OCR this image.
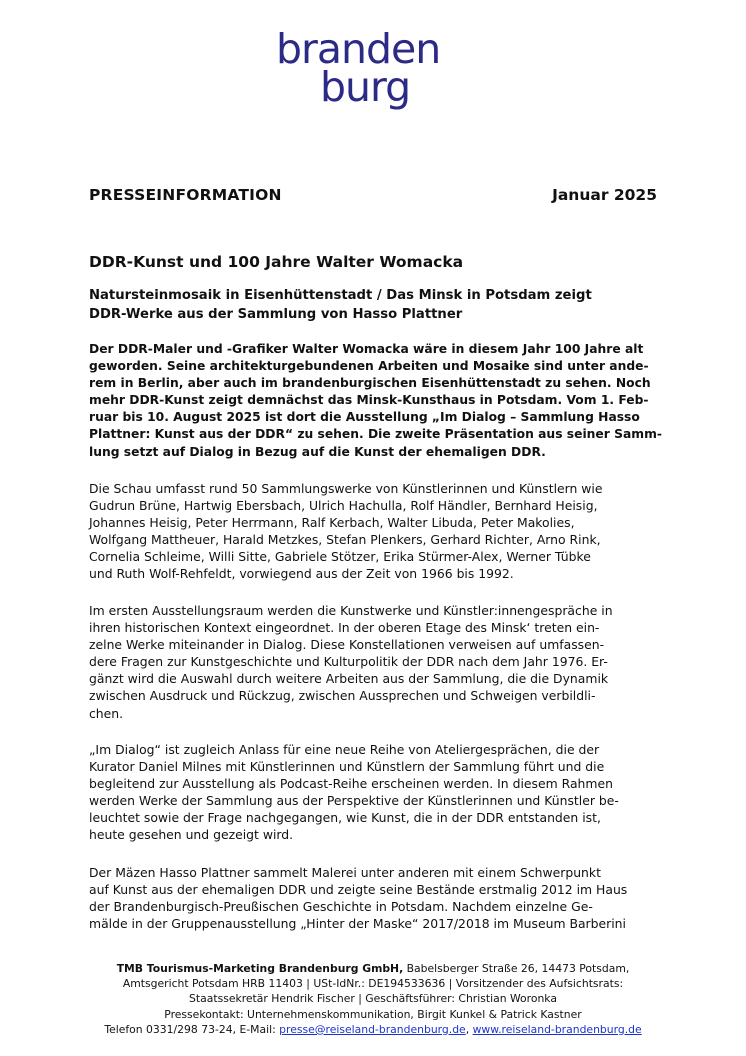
branden
burg
PRESSEINFORMATION	Januar 2025
DDR-Kunst und 100 Jahre Walter Womacka
Natursteinmosaik in Eisenhüttenstadt / Das Minsk in Potsdam zeigt
DDR-Werke aus der Sammlung von Hasso Plattner
Der DDR-Maler und -Grafiker Walter Womacka wäre in diesem Jahr 100 Jahre alt
geworden. Seine architekturgebundenen Arbeiten und Mosaike sind unter ande-
rem in Berlin, aber auch im brandenburgischen Eisenhüttenstadt zu sehen. Noch
mehr DDR-Kunst zeigt demnächst das Minsk-Kunsthaus in Potsdam. Vom 1. Feb-
ruar bis 10. August 2025 ist dort die Ausstellung „Im Dialog – Sammlung Hasso
Plattner: Kunst aus der DDR“ zu sehen. Die zweite Präsentation aus seiner Samm-
lung setzt auf Dialog in Bezug auf die Kunst der ehemaligen DDR.
Die Schau umfasst rund 50 Sammlungswerke von Künstlerinnen und Künstlern wie
Gudrun Brüne, Hartwig Ebersbach, Ulrich Hachulla, Rolf Händler, Bernhard Heisig,
Johannes Heisig, Peter Herrmann, Ralf Kerbach, Walter Libuda, Peter Makolies,
Wolfgang Mattheuer, Harald Metzkes, Stefan Plenkers, Gerhard Richter, Arno Rink,
Cornelia Schleime, Willi Sitte, Gabriele Stötzer, Erika Stürmer-Alex, Werner Tübke
und Ruth Wolf-Rehfeldt, vorwiegend aus der Zeit von 1966 bis 1992.
Im ersten Ausstellungsraum werden die Kunstwerke und Künstler:innengespräche in
ihren historischen Kontext eingeordnet. In der oberen Etage des Minsk‘ treten ein-
zelne Werke miteinander in Dialog. Diese Konstellationen verweisen auf umfassen-
dere Fragen zur Kunstgeschichte und Kulturpolitik der DDR nach dem Jahr 1976. Er-
gänzt wird die Auswahl durch weitere Arbeiten aus der Sammlung, die die Dynamik
zwischen Ausdruck und Rückzug, zwischen Aussprechen und Schweigen verbildli-
chen.
„Im Dialog“ ist zugleich Anlass für eine neue Reihe von Ateliergesprächen, die der
Kurator Daniel Milnes mit Künstlerinnen und Künstlern der Sammlung führt und die
begleitend zur Ausstellung als Podcast-Reihe erscheinen werden. In diesem Rahmen
werden Werke der Sammlung aus der Perspektive der Künstlerinnen und Künstler be-
leuchtet sowie der Frage nachgegangen, wie Kunst, die in der DDR entstanden ist,
heute gesehen und gezeigt wird.
Der Mäzen Hasso Plattner sammelt Malerei unter anderen mit einem Schwerpunkt
auf Kunst aus der ehemaligen DDR und zeigte seine Bestände erstmalig 2012 im Haus
der Brandenburgisch-Preußischen Geschichte in Potsdam. Nachdem einzelne Ge-
mälde in der Gruppenausstellung „Hinter der Maske“ 2017/2018 im Museum Barberini
TMB Tourismus-Marketing Brandenburg GmbH, Babelsberger Straße 26, 14473 Potsdam,
Amtsgericht Potsdam HRB 11403 | USt-IdNr.: DE194533636 | Vorsitzender des Aufsichtsrats:
Staatssekretär Hendrik Fischer | Geschäftsführer: Christian Woronka
Pressekontakt: Unternehmenskommunikation, Birgit Kunkel & Patrick Kastner
Telefon 0331/298 73-24, E-Mail: presse@reiseland-brandenburg.de, www.reiseland-brandenburg.de
